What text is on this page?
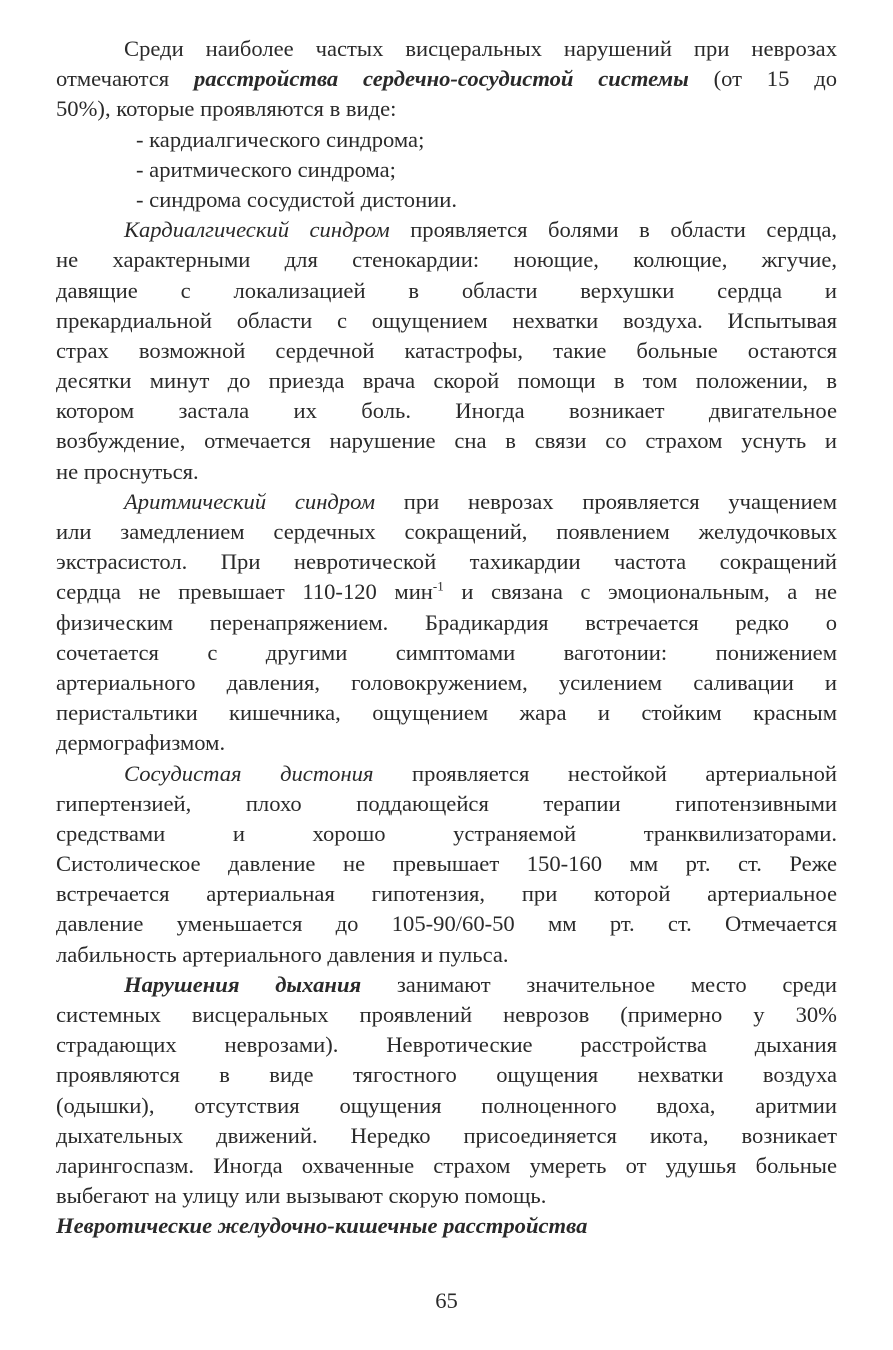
Среди наиболее частых висцеральных нарушений при неврозах
отмечаются расстройства сердечно-сосудистой системы (от 15 до
50%), которые проявляются в виде:
- кардиалгического синдрома;
- аритмического синдрома;
- синдрома сосудистой дистонии.
Кардиалгический синдром проявляется болями в области сердца,
не характерными для стенокардии: ноющие, колющие, жгучие,
давящие с локализацией в области верхушки сердца и
прекардиальной области с ощущением нехватки воздуха. Испытывая
страх возможной сердечной катастрофы, такие больные остаются
десятки минут до приезда врача скорой помощи в том положении, в
котором застала их боль. Иногда возникает двигательное
возбуждение, отмечается нарушение сна в связи со страхом уснуть и
не проснуться.
Аритмический синдром при неврозах проявляется учащением
или замедлением сердечных сокращений, появлением желудочковых
экстрасистол. При невротической тахикардии частота сокращений
сердца не превышает 110-120 мин$^{-1}$ и связана с эмоциональным, а не
физическим перенапряжением. Брадикардия встречается редко о
сочетается с другими симптомами ваготонии: понижением
артериального давления, головокружением, усилением саливации и
перистальтики кишечника, ощущением жара и стойким красным
дермографизмом.
Сосудистая дистония проявляется нестойкой артериальной
гипертензией, плохо поддающейся терапии гипотензивными
средствами и хорошо устраняемой транквилизаторами.
Систолическое давление не превышает 150-160 мм рт. ст. Реже
встречается артериальная гипотензия, при которой артериальное
давление уменьшается до 105-90/60-50 мм рт. ст. Отмечается
лабильность артериального давления и пульса.
Нарушения дыхания занимают значительное место среди
системных висцеральных проявлений неврозов (примерно у 30%
страдающих неврозами). Невротические расстройства дыхания
проявляются в виде тягостного ощущения нехватки воздуха
(одышки), отсутствия ощущения полноценного вдоха, аритмии
дыхательных движений. Нередко присоединяется икота, возникает
ларингоспазм. Иногда охваченные страхом умереть от удушья больные
выбегают на улицу или вызывают скорую помощь.
Невротические желудочно-кишечные расстройства
65
